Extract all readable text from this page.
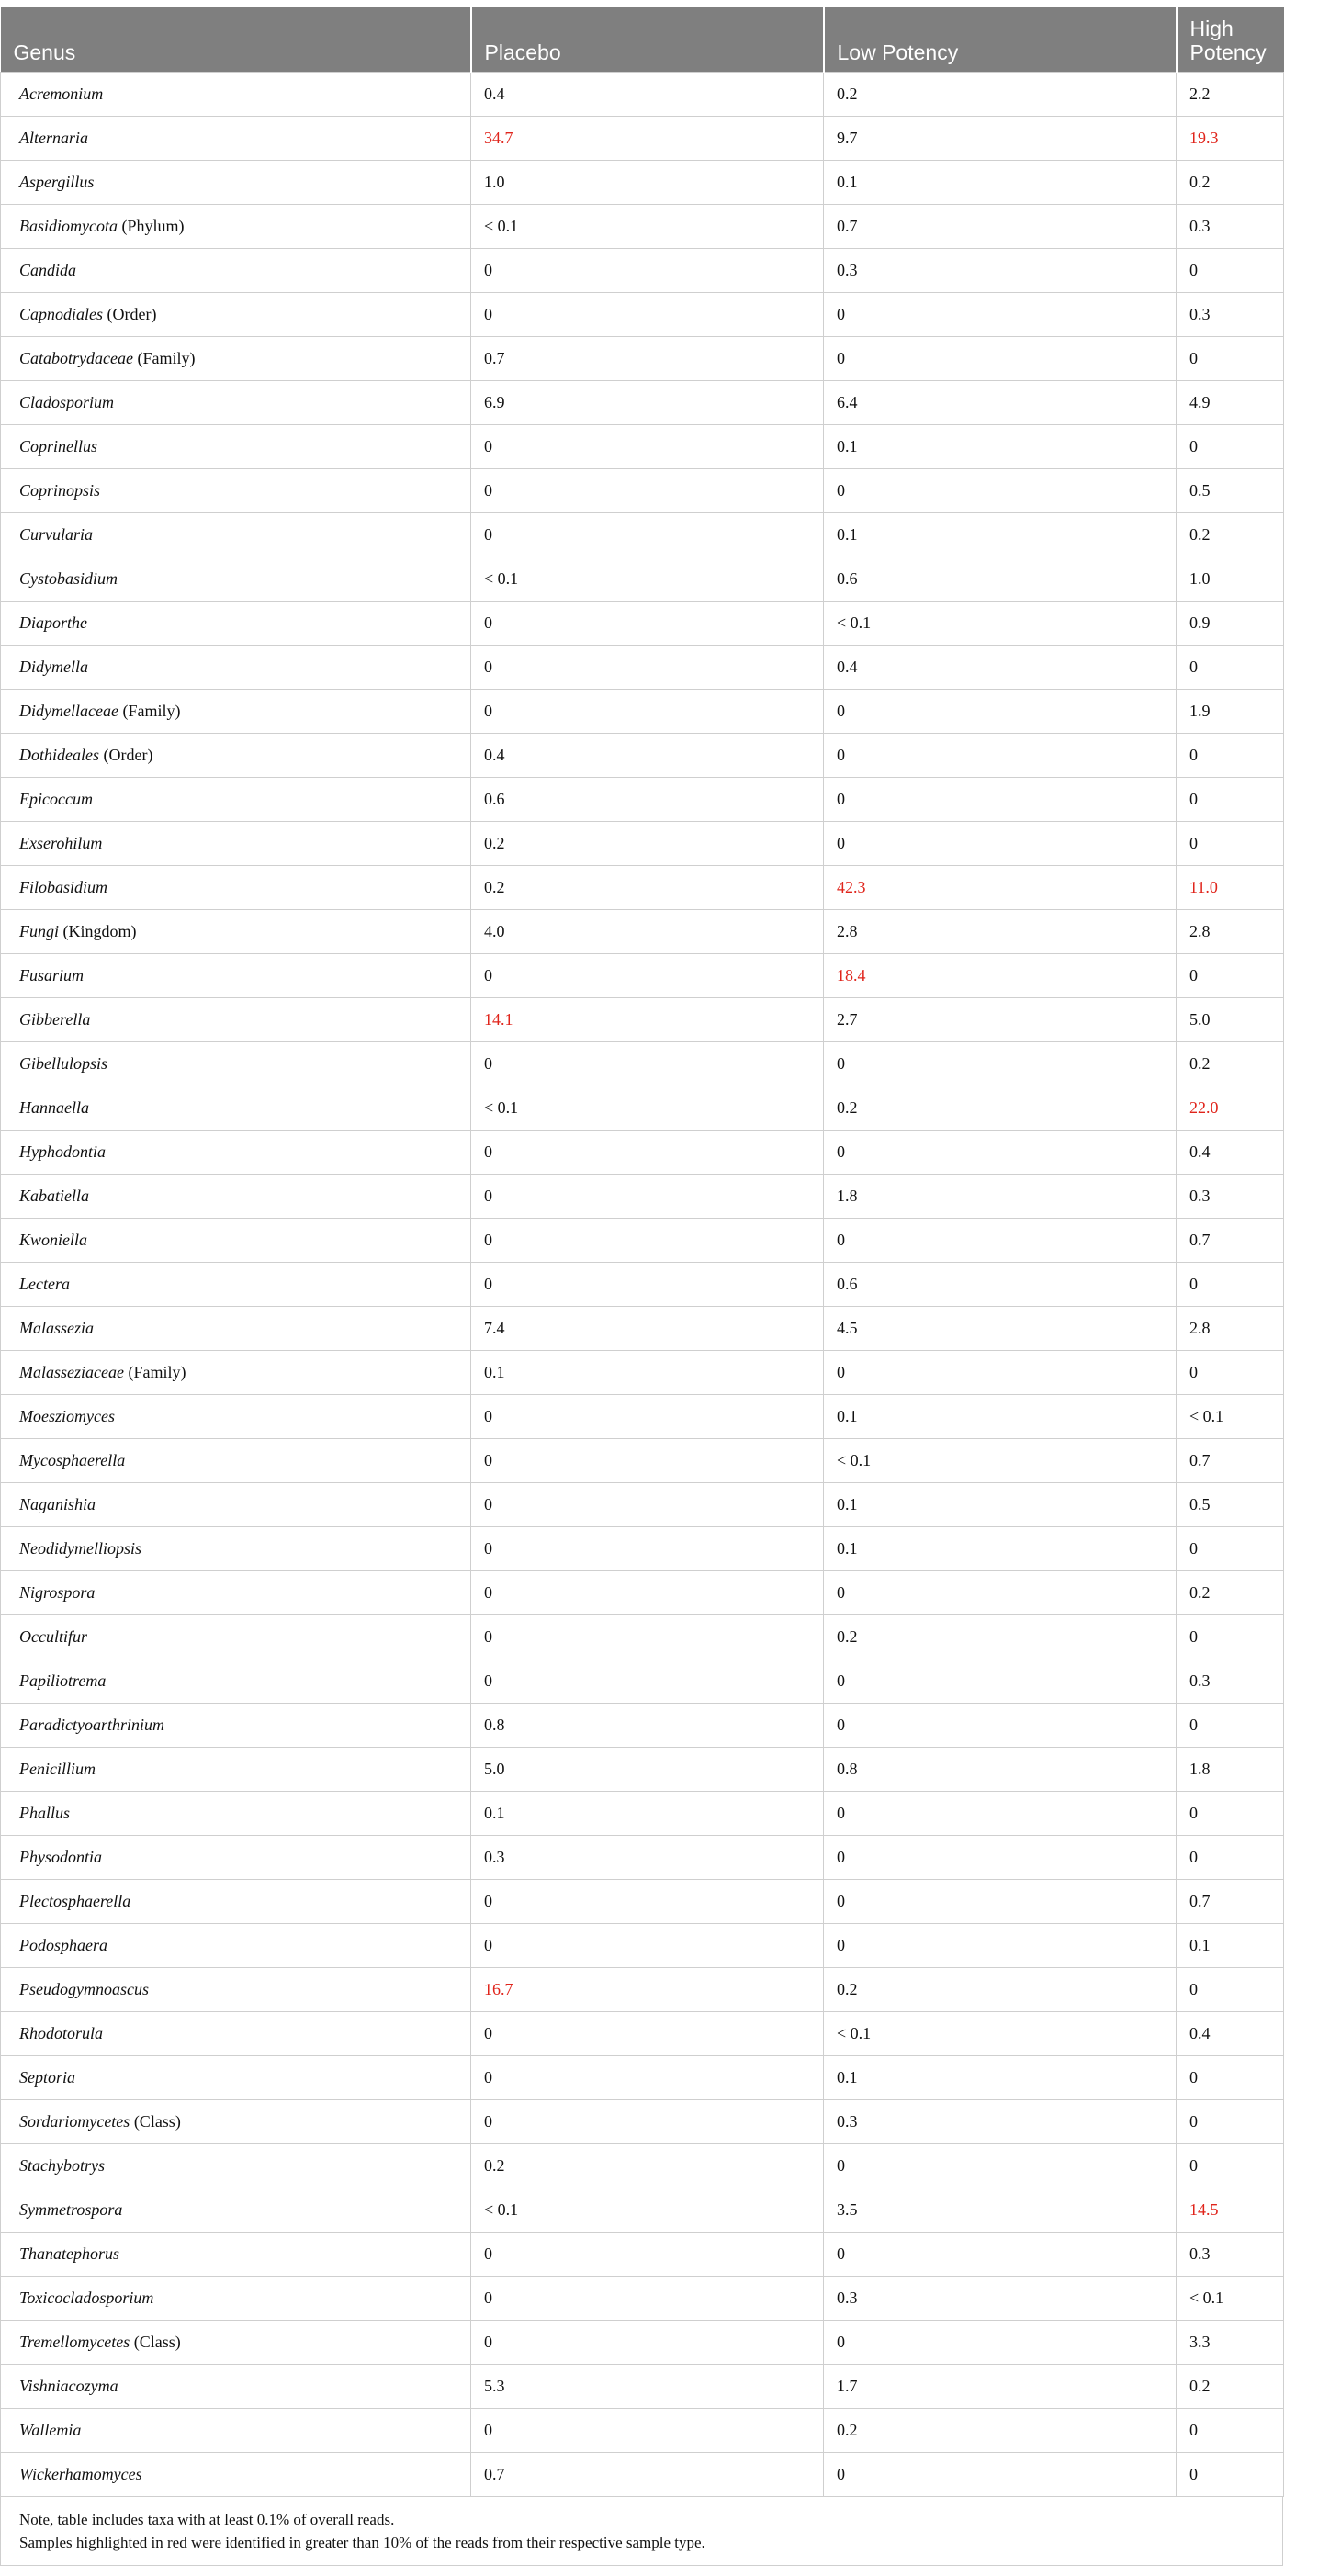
Genus	Placebo	Low Potency	High Potency
Acremonium	0.4	0.2	2.2
Alternaria	34.7	9.7	19.3
Aspergillus	1.0	0.1	0.2
Basidiomycota (Phylum)	< 0.1	0.7	0.3
Candida	0	0.3	0
Capnodiales (Order)	0	0	0.3
Catabotrydaceae (Family)	0.7	0	0
Cladosporium	6.9	6.4	4.9
Coprinellus	0	0.1	0
Coprinopsis	0	0	0.5
Curvularia	0	0.1	0.2
Cystobasidium	< 0.1	0.6	1.0
Diaporthe	0	< 0.1	0.9
Didymella	0	0.4	0
Didymellaceae (Family)	0	0	1.9
Dothideales (Order)	0.4	0	0
Epicoccum	0.6	0	0
Exserohilum	0.2	0	0
Filobasidium	0.2	42.3	11.0
Fungi (Kingdom)	4.0	2.8	2.8
Fusarium	0	18.4	0
Gibberella	14.1	2.7	5.0
Gibellulopsis	0	0	0.2
Hannaella	< 0.1	0.2	22.0
Hyphodontia	0	0	0.4
Kabatiella	0	1.8	0.3
Kwoniella	0	0	0.7
Lectera	0	0.6	0
Malassezia	7.4	4.5	2.8
Malasseziaceae (Family)	0.1	0	0
Moesziomyces	0	0.1	< 0.1
Mycosphaerella	0	< 0.1	0.7
Naganishia	0	0.1	0.5
Neodidymelliopsis	0	0.1	0
Nigrospora	0	0	0.2
Occultifur	0	0.2	0
Papiliotrema	0	0	0.3
Paradictyoarthrinium	0.8	0	0
Penicillium	5.0	0.8	1.8
Phallus	0.1	0	0
Physodontia	0.3	0	0
Plectosphaerella	0	0	0.7
Podosphaera	0	0	0.1
Pseudogymnoascus	16.7	0.2	0
Rhodotorula	0	< 0.1	0.4
Septoria	0	0.1	0
Sordariomycetes (Class)	0	0.3	0
Stachybotrys	0.2	0	0
Symmetrospora	< 0.1	3.5	14.5
Thanatephorus	0	0	0.3
Toxicocladosporium	0	0.3	< 0.1
Tremellomycetes (Class)	0	0	3.3
Vishniacozyma	5.3	1.7	0.2
Wallemia	0	0.2	0
Wickerhamomyces	0.7	0	0
Note, table includes taxa with at least 0.1% of overall reads.
Samples highlighted in red were identified in greater than 10% of the reads from their respective sample type.
